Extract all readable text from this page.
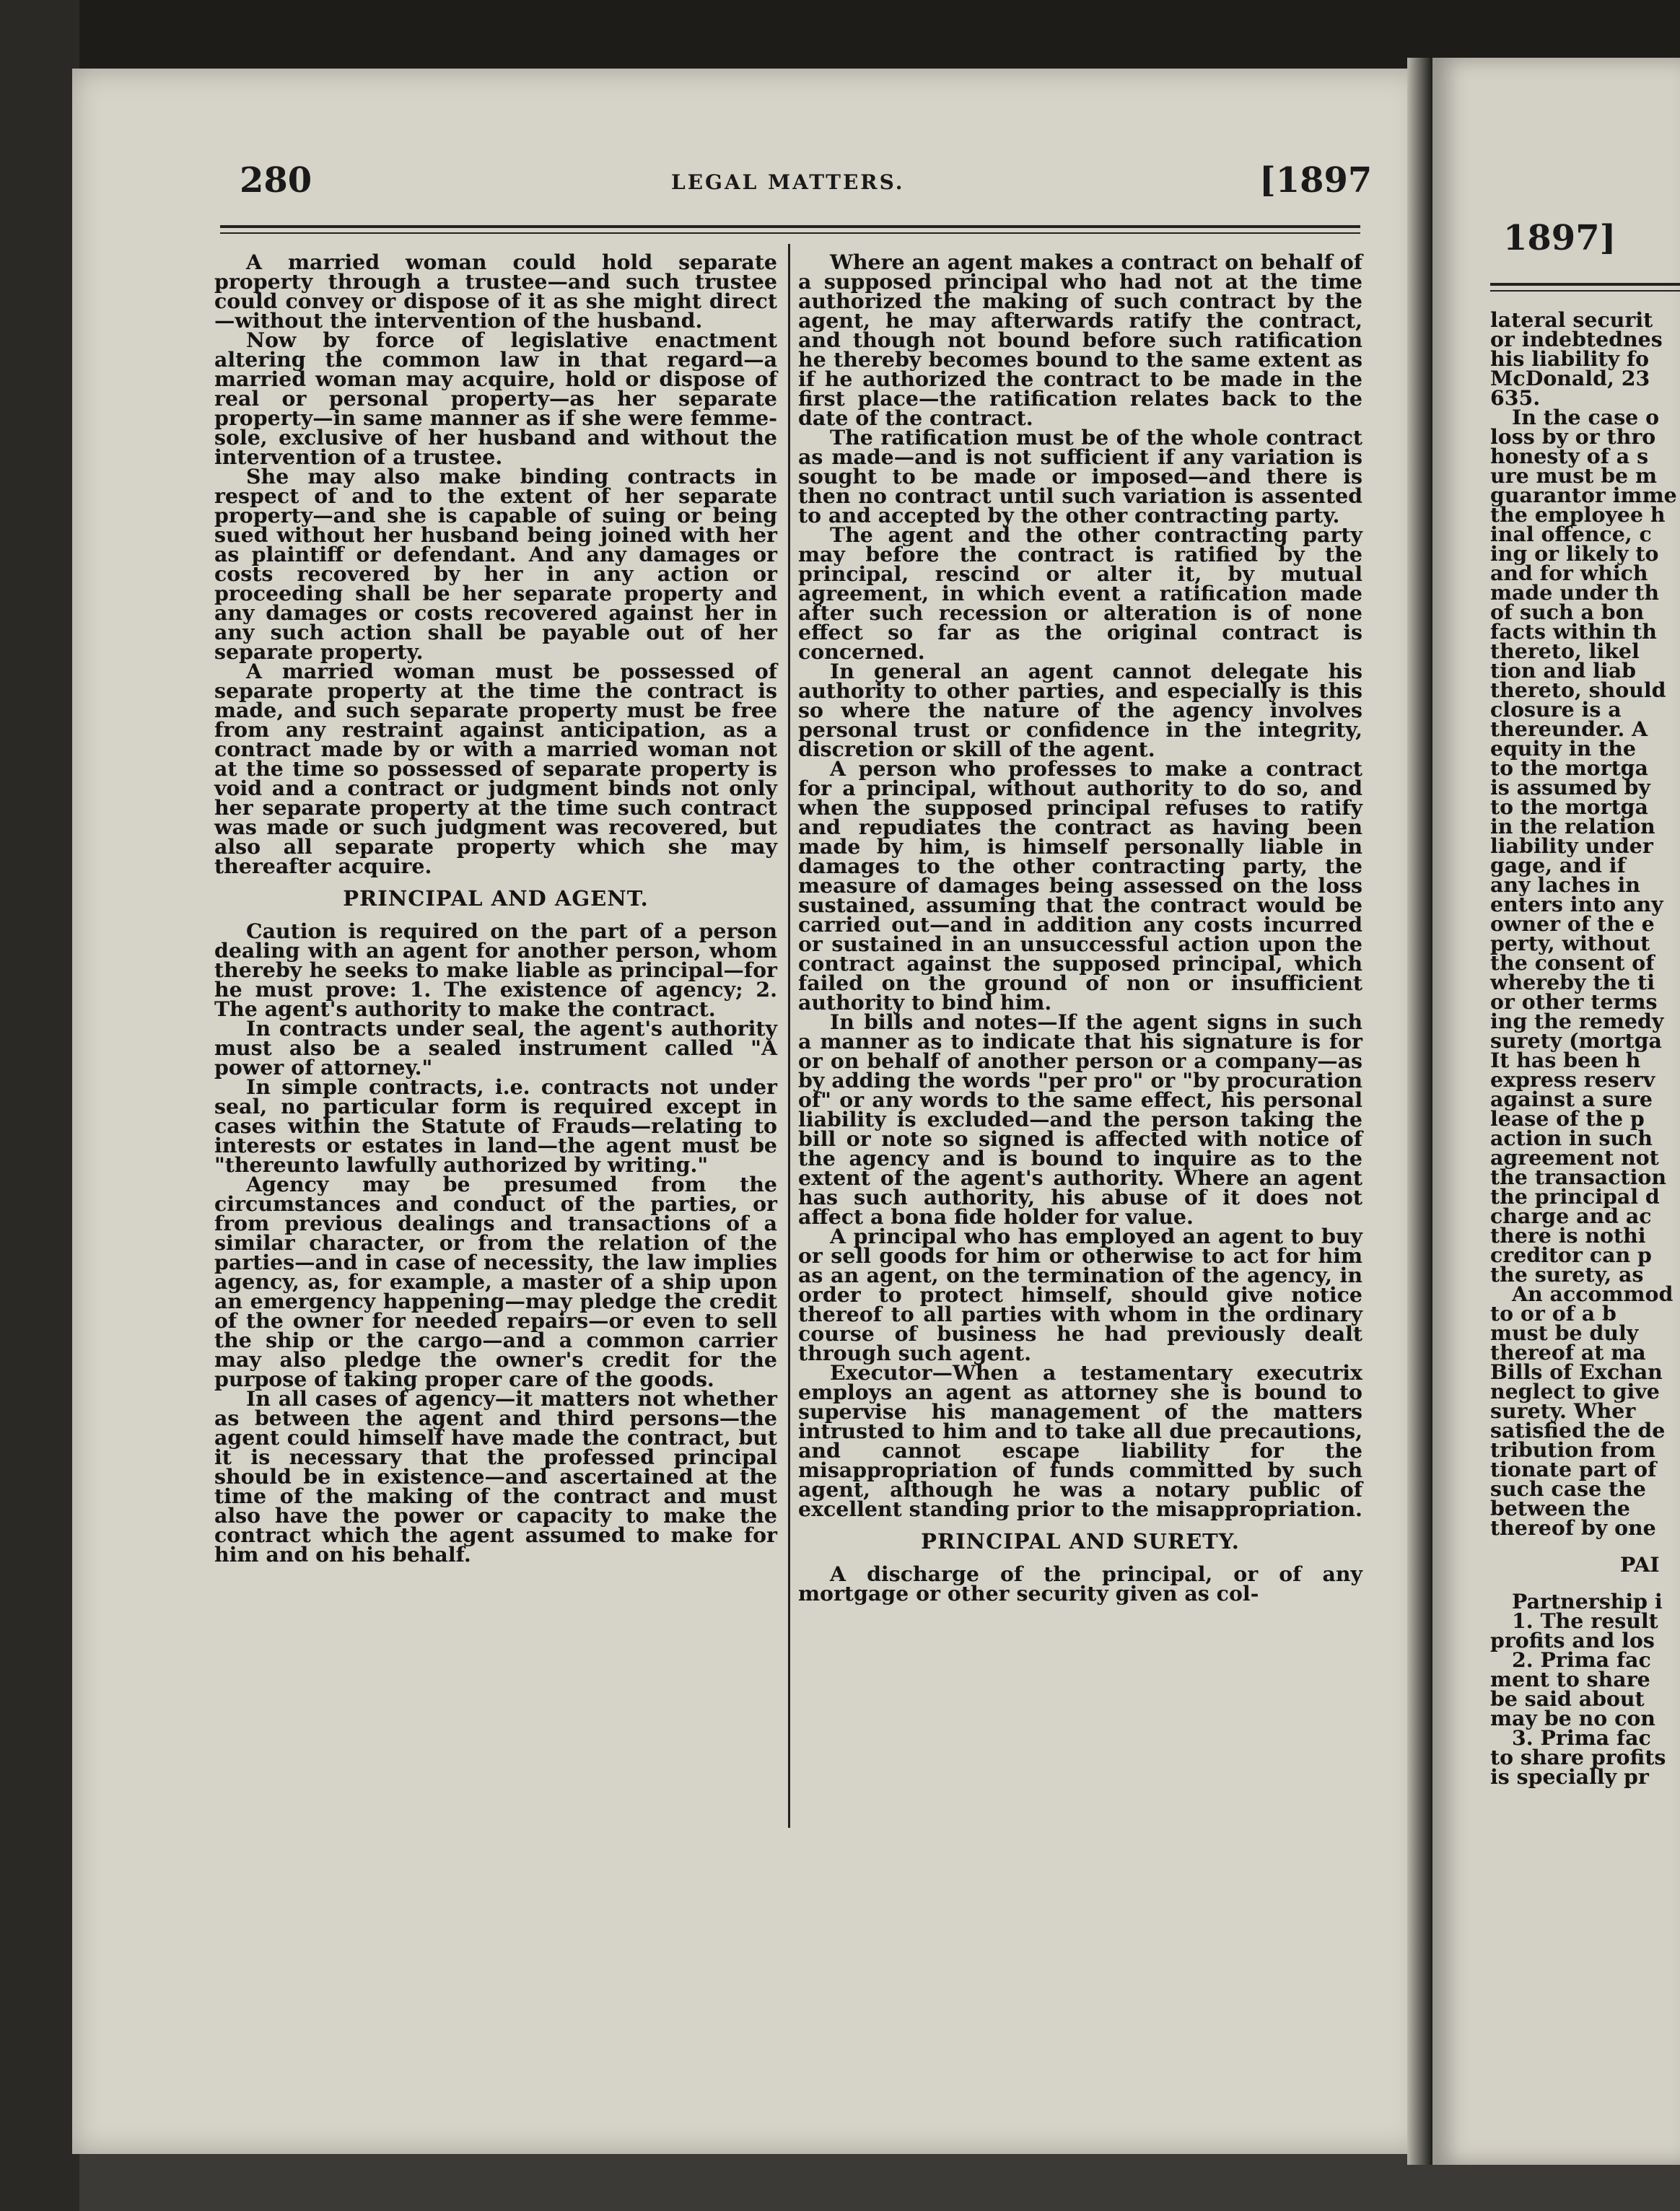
280	LEGAL MATTERS.	[1897

A married woman could hold separate property through a trustee—and such trustee could convey or dispose of it as she might direct—without the intervention of the husband.

Now by force of legislative enactment altering the common law in that regard—a married woman may acquire, hold or dispose of real or personal property—as her separate property—in same manner as if she were femme-sole, exclusive of her husband and without the intervention of a trustee.

She may also make binding contracts in respect of and to the extent of her separate property—and she is capable of suing or being sued without her husband being joined with her as plaintiff or defendant. And any damages or costs recovered by her in any action or proceeding shall be her separate property and any damages or costs recovered against her in any such action shall be payable out of her separate property.

A married woman must be possessed of separate property at the time the contract is made, and such separate property must be free from any restraint against anticipation, as a contract made by or with a married woman not at the time so possessed of separate property is void and a contract or judgment binds not only her separate property at the time such contract was made or such judgment was recovered, but also all separate property which she may thereafter acquire.

PRINCIPAL AND AGENT.

Caution is required on the part of a person dealing with an agent for another person, whom thereby he seeks to make liable as principal—for he must prove: 1. The existence of agency; 2. The agent's authority to make the contract.

In contracts under seal, the agent's authority must also be a sealed instrument called "A power of attorney."

In simple contracts, i.e. contracts not under seal, no particular form is required except in cases within the Statute of Frauds—relating to interests or estates in land—the agent must be "thereunto lawfully authorized by writing."

Agency may be presumed from the circumstances and conduct of the parties, or from previous dealings and transactions of a similar character, or from the relation of the parties—and in case of necessity, the law implies agency, as, for example, a master of a ship upon an emergency happening—may pledge the credit of the owner for needed repairs—or even to sell the ship or the cargo—and a common carrier may also pledge the owner's credit for the purpose of taking proper care of the goods.

In all cases of agency—it matters not whether as between the agent and third persons—the agent could himself have made the contract, but it is necessary that the professed principal should be in existence—and ascertained at the time of the making of the contract and must also have the power or capacity to make the contract which the agent assumed to make for him and on his behalf.

Where an agent makes a contract on behalf of a supposed principal who had not at the time authorized the making of such contract by the agent, he may afterwards ratify the contract, and though not bound before such ratification he thereby becomes bound to the same extent as if he authorized the contract to be made in the first place—the ratification relates back to the date of the contract.

The ratification must be of the whole contract as made—and is not sufficient if any variation is sought to be made or imposed—and there is then no contract until such variation is assented to and accepted by the other contracting party.

The agent and the other contracting party may before the contract is ratified by the principal, rescind or alter it, by mutual agreement, in which event a ratification made after such recession or alteration is of none effect so far as the original contract is concerned.

In general an agent cannot delegate his authority to other parties, and especially is this so where the nature of the agency involves personal trust or confidence in the integrity, discretion or skill of the agent.

A person who professes to make a contract for a principal, without authority to do so, and when the supposed principal refuses to ratify and repudiates the contract as having been made by him, is himself personally liable in damages to the other contracting party, the measure of damages being assessed on the loss sustained, assuming that the contract would be carried out—and in addition any costs incurred or sustained in an unsuccessful action upon the contract against the supposed principal, which failed on the ground of non or insufficient authority to bind him.

In bills and notes—If the agent signs in such a manner as to indicate that his signature is for or on behalf of another person or a company—as by adding the words "per pro" or "by procuration of" or any words to the same effect, his personal liability is excluded—and the person taking the bill or note so signed is affected with notice of the agency and is bound to inquire as to the extent of the agent's authority. Where an agent has such authority, his abuse of it does not affect a bona fide holder for value.

A principal who has employed an agent to buy or sell goods for him or otherwise to act for him as an agent, on the termination of the agency, in order to protect himself, should give notice thereof to all parties with whom in the ordinary course of business he had previously dealt through such agent.

Executor—When a testamentary executrix employs an agent as attorney she is bound to supervise his management of the matters intrusted to him and to take all due precautions, and cannot escape liability for the misappropriation of funds committed by such agent, although he was a notary public of excellent standing prior to the misappropriation.

PRINCIPAL AND SURETY.

A discharge of the principal, or of any mortgage or other security given as col-

1897]
lateral securit
or indebtednes
his liability fo
McDonald, 23
635.
In the case o
loss by or thro
honesty of a s
ure must be m
guarantor imme
the employee h
inal offence, c
ing or likely to
and for which
made under th
of such a bon
facts within th
thereto, likel
tion and liab
thereto, should
closure is a
thereunder. A
equity in the
to the mortga
is assumed by
to the mortga
in the relation
liability under
gage, and if
any laches in
enters into any
owner of the e
perty, without
the consent of
whereby the ti
or other terms
ing the remedy
surety (mortga
It has been h
express reserv
against a sure
lease of the p
action in such
agreement not
the transaction
the principal d
charge and ac
there is nothi
creditor can p
the surety, as
An accommod
to or of a b
must be duly
thereof at ma
Bills of Exchan
neglect to give
surety. Wher
satisfied the de
tribution from
tionate part of
such case the
between the
thereof by one
PAI
Partnership i
1. The result
profits and los
2. Prima fac
ment to share
be said about
may be no con
3. Prima fac
to share profits
is specially pr
